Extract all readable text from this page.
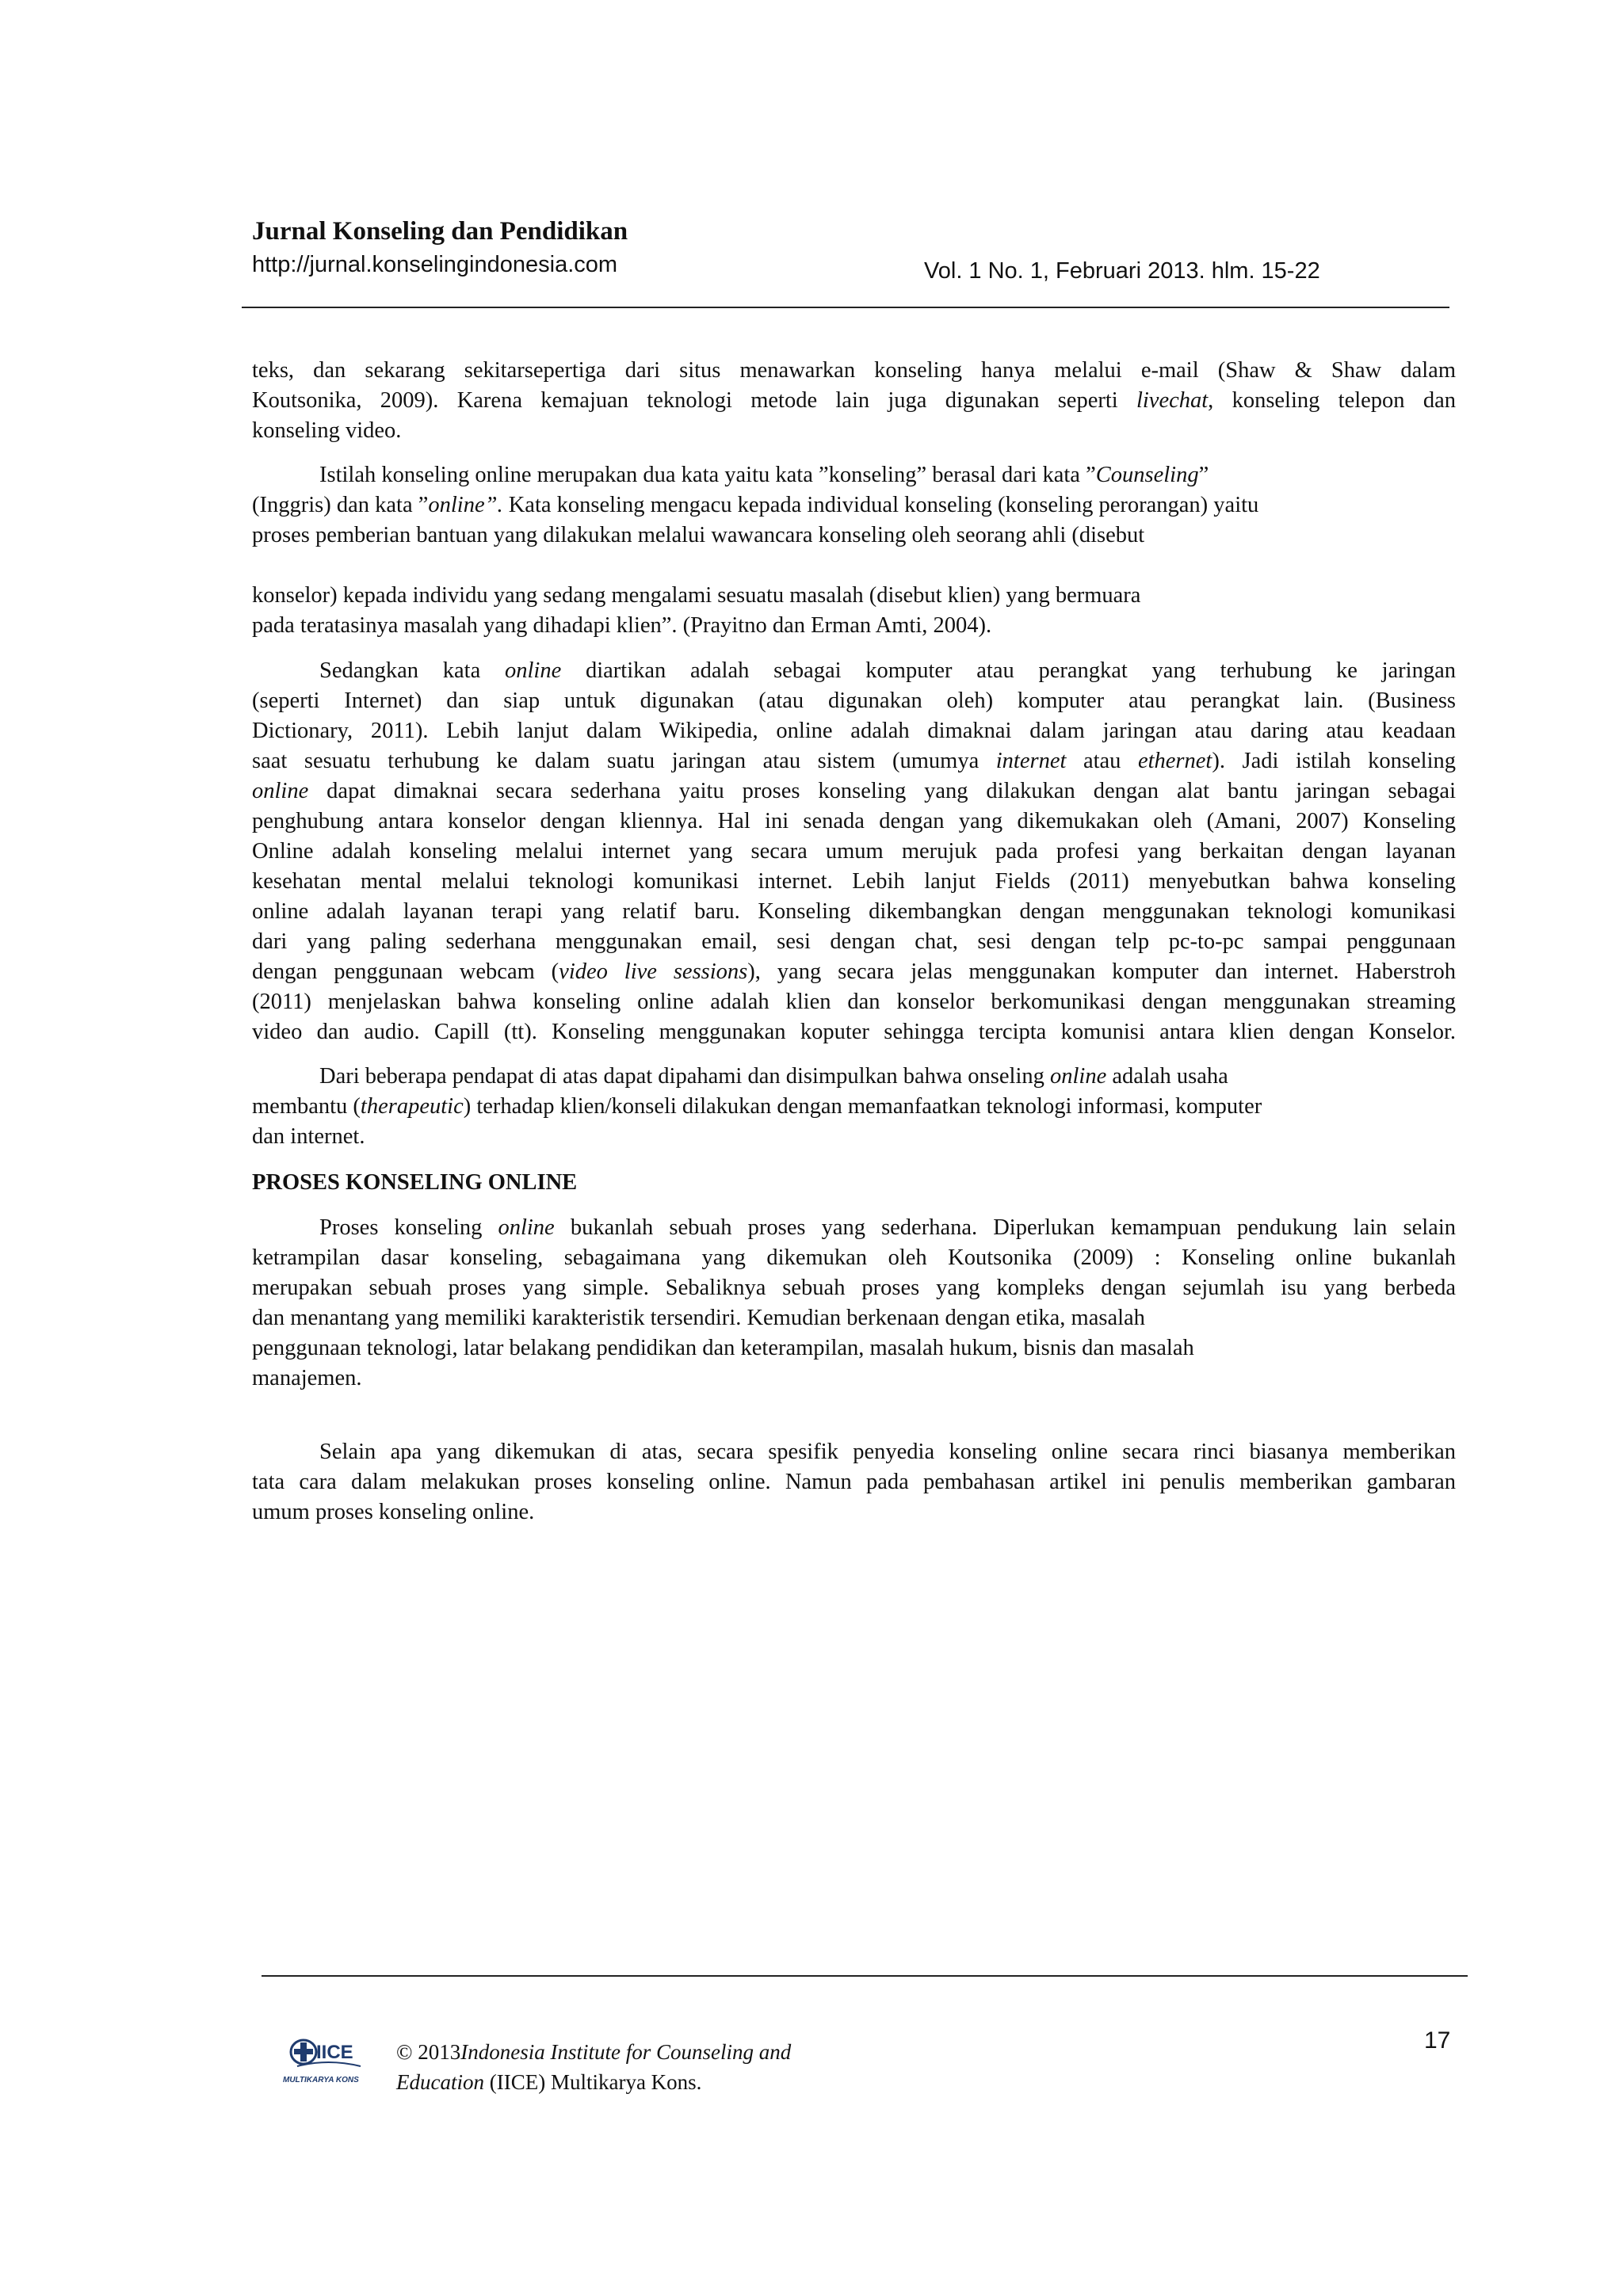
Jurnal Konseling dan Pendidikan
http://jurnal.konselingindonesia.com	Vol. 1 No. 1, Februari 2013. hlm. 15-22
teks, dan sekarang sekitarsepertiga dari situs menawarkan konseling hanya melalui e-mail (Shaw & Shaw dalam
Koutsonika, 2009). Karena kemajuan teknologi metode lain juga digunakan seperti livechat, konseling telepon dan
konseling video.
Istilah konseling online merupakan dua kata yaitu kata ”konseling” berasal dari kata ”Counseling”
(Inggris) dan kata ”online”. Kata konseling mengacu kepada individual konseling (konseling perorangan) yaitu
proses pemberian bantuan yang dilakukan melalui wawancara konseling oleh seorang ahli (disebut
konselor) kepada individu yang sedang mengalami sesuatu masalah (disebut klien) yang bermuara
pada teratasinya masalah yang dihadapi klien”. (Prayitno dan Erman Amti, 2004).
Sedangkan kata online diartikan adalah sebagai komputer atau perangkat yang terhubung ke jaringan
(seperti Internet) dan siap untuk digunakan (atau digunakan oleh) komputer atau perangkat lain. (Business
Dictionary, 2011). Lebih lanjut dalam Wikipedia, online adalah dimaknai dalam jaringan atau daring atau keadaan
saat sesuatu terhubung ke dalam suatu jaringan atau sistem (umumya internet atau ethernet). Jadi istilah konseling
online dapat dimaknai secara sederhana yaitu proses konseling yang dilakukan dengan alat bantu jaringan sebagai
penghubung antara konselor dengan kliennya. Hal ini senada dengan yang dikemukakan oleh (Amani, 2007) Konseling
Online adalah konseling melalui internet yang secara umum merujuk pada profesi yang berkaitan dengan layanan
kesehatan mental melalui teknologi komunikasi internet. Lebih lanjut Fields (2011) menyebutkan bahwa konseling
online adalah layanan terapi yang relatif baru. Konseling dikembangkan dengan menggunakan teknologi komunikasi
dari yang paling sederhana menggunakan email, sesi dengan chat, sesi dengan telp pc-to-pc sampai penggunaan
dengan penggunaan webcam (video live sessions), yang secara jelas menggunakan komputer dan internet. Haberstroh
(2011) menjelaskan bahwa konseling online adalah klien dan konselor berkomunikasi dengan menggunakan streaming
video dan audio. Capill (tt). Konseling menggunakan koputer sehingga tercipta komunisi antara klien dengan Konselor.
Dari beberapa pendapat di atas dapat dipahami dan disimpulkan bahwa onseling online adalah usaha
membantu (therapeutic) terhadap klien/konseli dilakukan dengan memanfaatkan teknologi informasi, komputer
dan internet.
PROSES KONSELING ONLINE
Proses konseling online bukanlah sebuah proses yang sederhana. Diperlukan kemampuan pendukung lain selain
ketrampilan dasar konseling, sebagaimana yang dikemukan oleh Koutsonika (2009) : Konseling online bukanlah
merupakan sebuah proses yang simple. Sebaliknya sebuah proses yang kompleks dengan sejumlah isu yang berbeda
dan menantang yang memiliki karakteristik tersendiri. Kemudian berkenaan dengan etika, masalah
penggunaan teknologi, latar belakang pendidikan dan keterampilan, masalah hukum, bisnis dan masalah
manajemen.
Selain apa yang dikemukan di atas, secara spesifik penyedia konseling online secara rinci biasanya memberikan
tata cara dalam melakukan proses konseling online. Namun pada pembahasan artikel ini penulis memberikan gambaran
umum proses konseling online.
IICE
MULTIKARYA KONS
© 2013Indonesia Institute for Counseling and
Education (IICE) Multikarya Kons.
17
